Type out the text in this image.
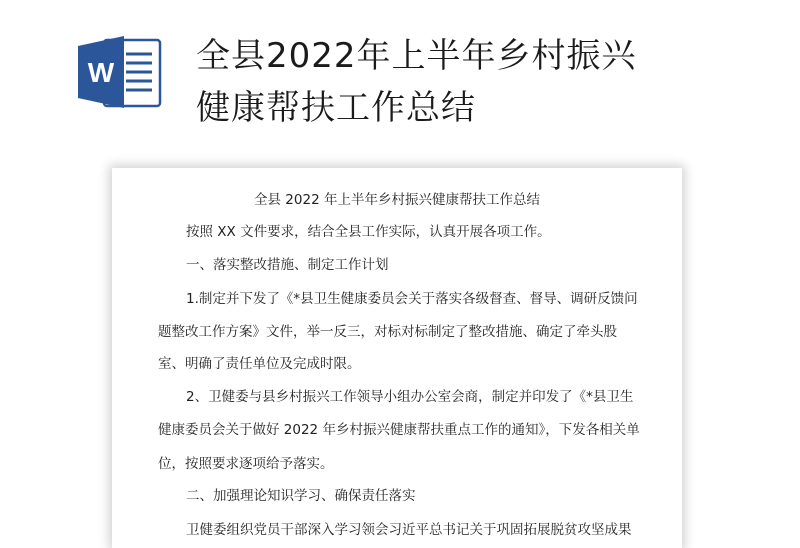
W 全县2022年上半年乡村振兴
健康帮扶工作总结
全县 2022 年上半年乡村振兴健康帮扶工作总结
按照 XX 文件要求，结合全县工作实际，认真开展各项工作。
一、落实整改措施、制定工作计划
1.制定并下发了《*县卫生健康委员会关于落实各级督查、督导、调研反馈问
题整改工作方案》文件，举一反三，对标对标制定了整改措施、确定了牵头股
室、明确了责任单位及完成时限。
2、卫健委与县乡村振兴工作领导小组办公室会商，制定并印发了《*县卫生
健康委员会关于做好 2022 年乡村振兴健康帮扶重点工作的通知》，下发各相关单
位，按照要求逐项给予落实。
二、加强理论知识学习、确保责任落实
卫健委组织党员干部深入学习领会习近平总书记关于巩固拓展脱贫攻坚成果
